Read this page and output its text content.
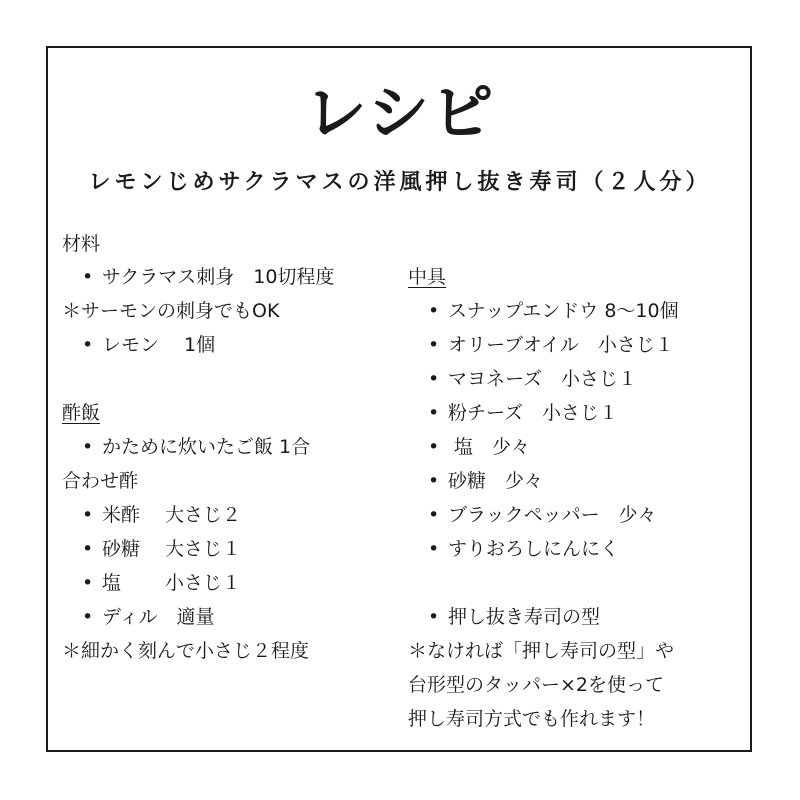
レシピ
レモンじめサクラマスの洋風押し抜き寿司（２人分）
材料
• サクラマス刺身　10切程度
＊サーモンの刺身でもOK
• レモン　 1個
酢飯
• かために炊いたご飯 1合
合わせ酢
• 米酢　 大さじ２
• 砂糖　 大さじ１
• 塩　　 小さじ１
• ディル　適量
＊細かく刻んで小さじ２程度
中具
• スナップエンドウ 8〜10個
• オリーブオイル　小さじ１
• マヨネーズ　小さじ１
• 粉チーズ　小さじ１
•  塩　少々
• 砂糖　少々
• ブラックペッパー　少々
• すりおろしにんにく
• 押し抜き寿司の型
＊なければ「押し寿司の型」や
台形型のタッパー×2を使って
押し寿司方式でも作れます！
